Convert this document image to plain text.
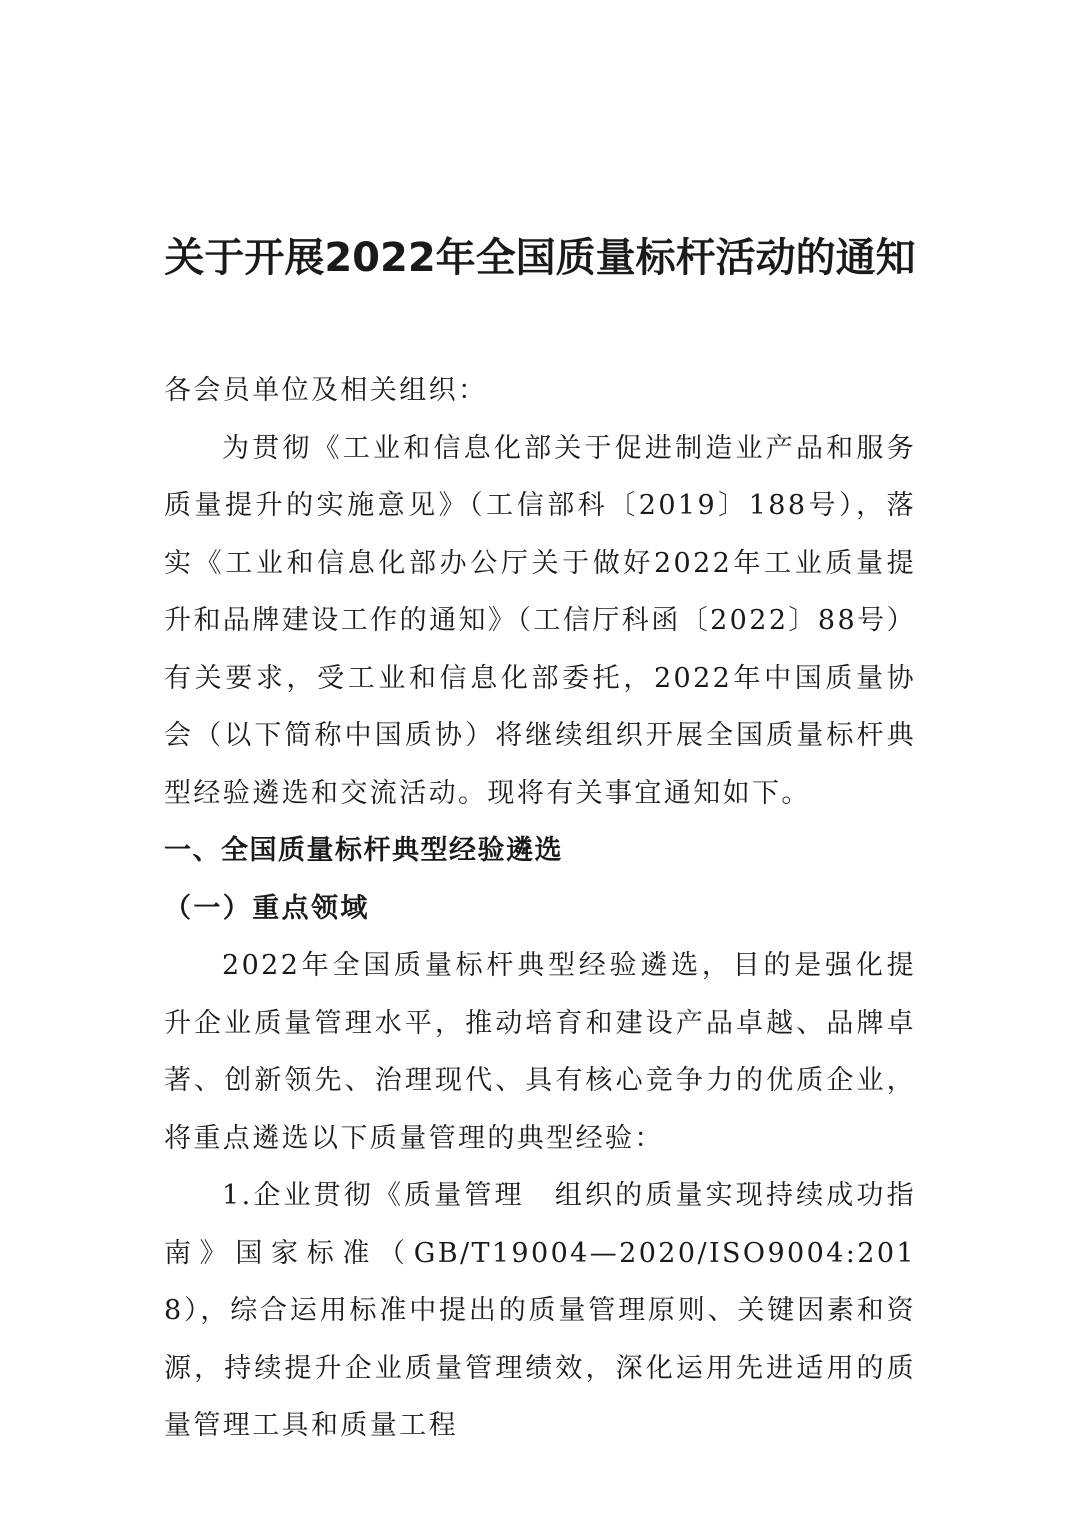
关于开展2022年全国质量标杆活动的通知

各会员单位及相关组织：

为贯彻《工业和信息化部关于促进制造业产品和服务质量提升的实施意见》（工信部科〔2019〕188号），落实《工业和信息化部办公厅关于做好2022年工业质量提升和品牌建设工作的通知》（工信厅科函〔2022〕88号）有关要求，受工业和信息化部委托，2022年中国质量协会（以下简称中国质协）将继续组织开展全国质量标杆典型经验遴选和交流活动。现将有关事宜通知如下。

一、全国质量标杆典型经验遴选

（一）重点领域

2022年全国质量标杆典型经验遴选，目的是强化提升企业质量管理水平，推动培育和建设产品卓越、品牌卓著、创新领先、治理现代、具有核心竞争力的优质企业，将重点遴选以下质量管理的典型经验：

1.企业贯彻《质量管理　组织的质量实现持续成功指南》国家标准（GB/T19004—2020/ISO9004:2018），综合运用标准中提出的质量管理原则、关键因素和资源，持续提升企业质量管理绩效，深化运用先进适用的质量管理工具和质量工程
